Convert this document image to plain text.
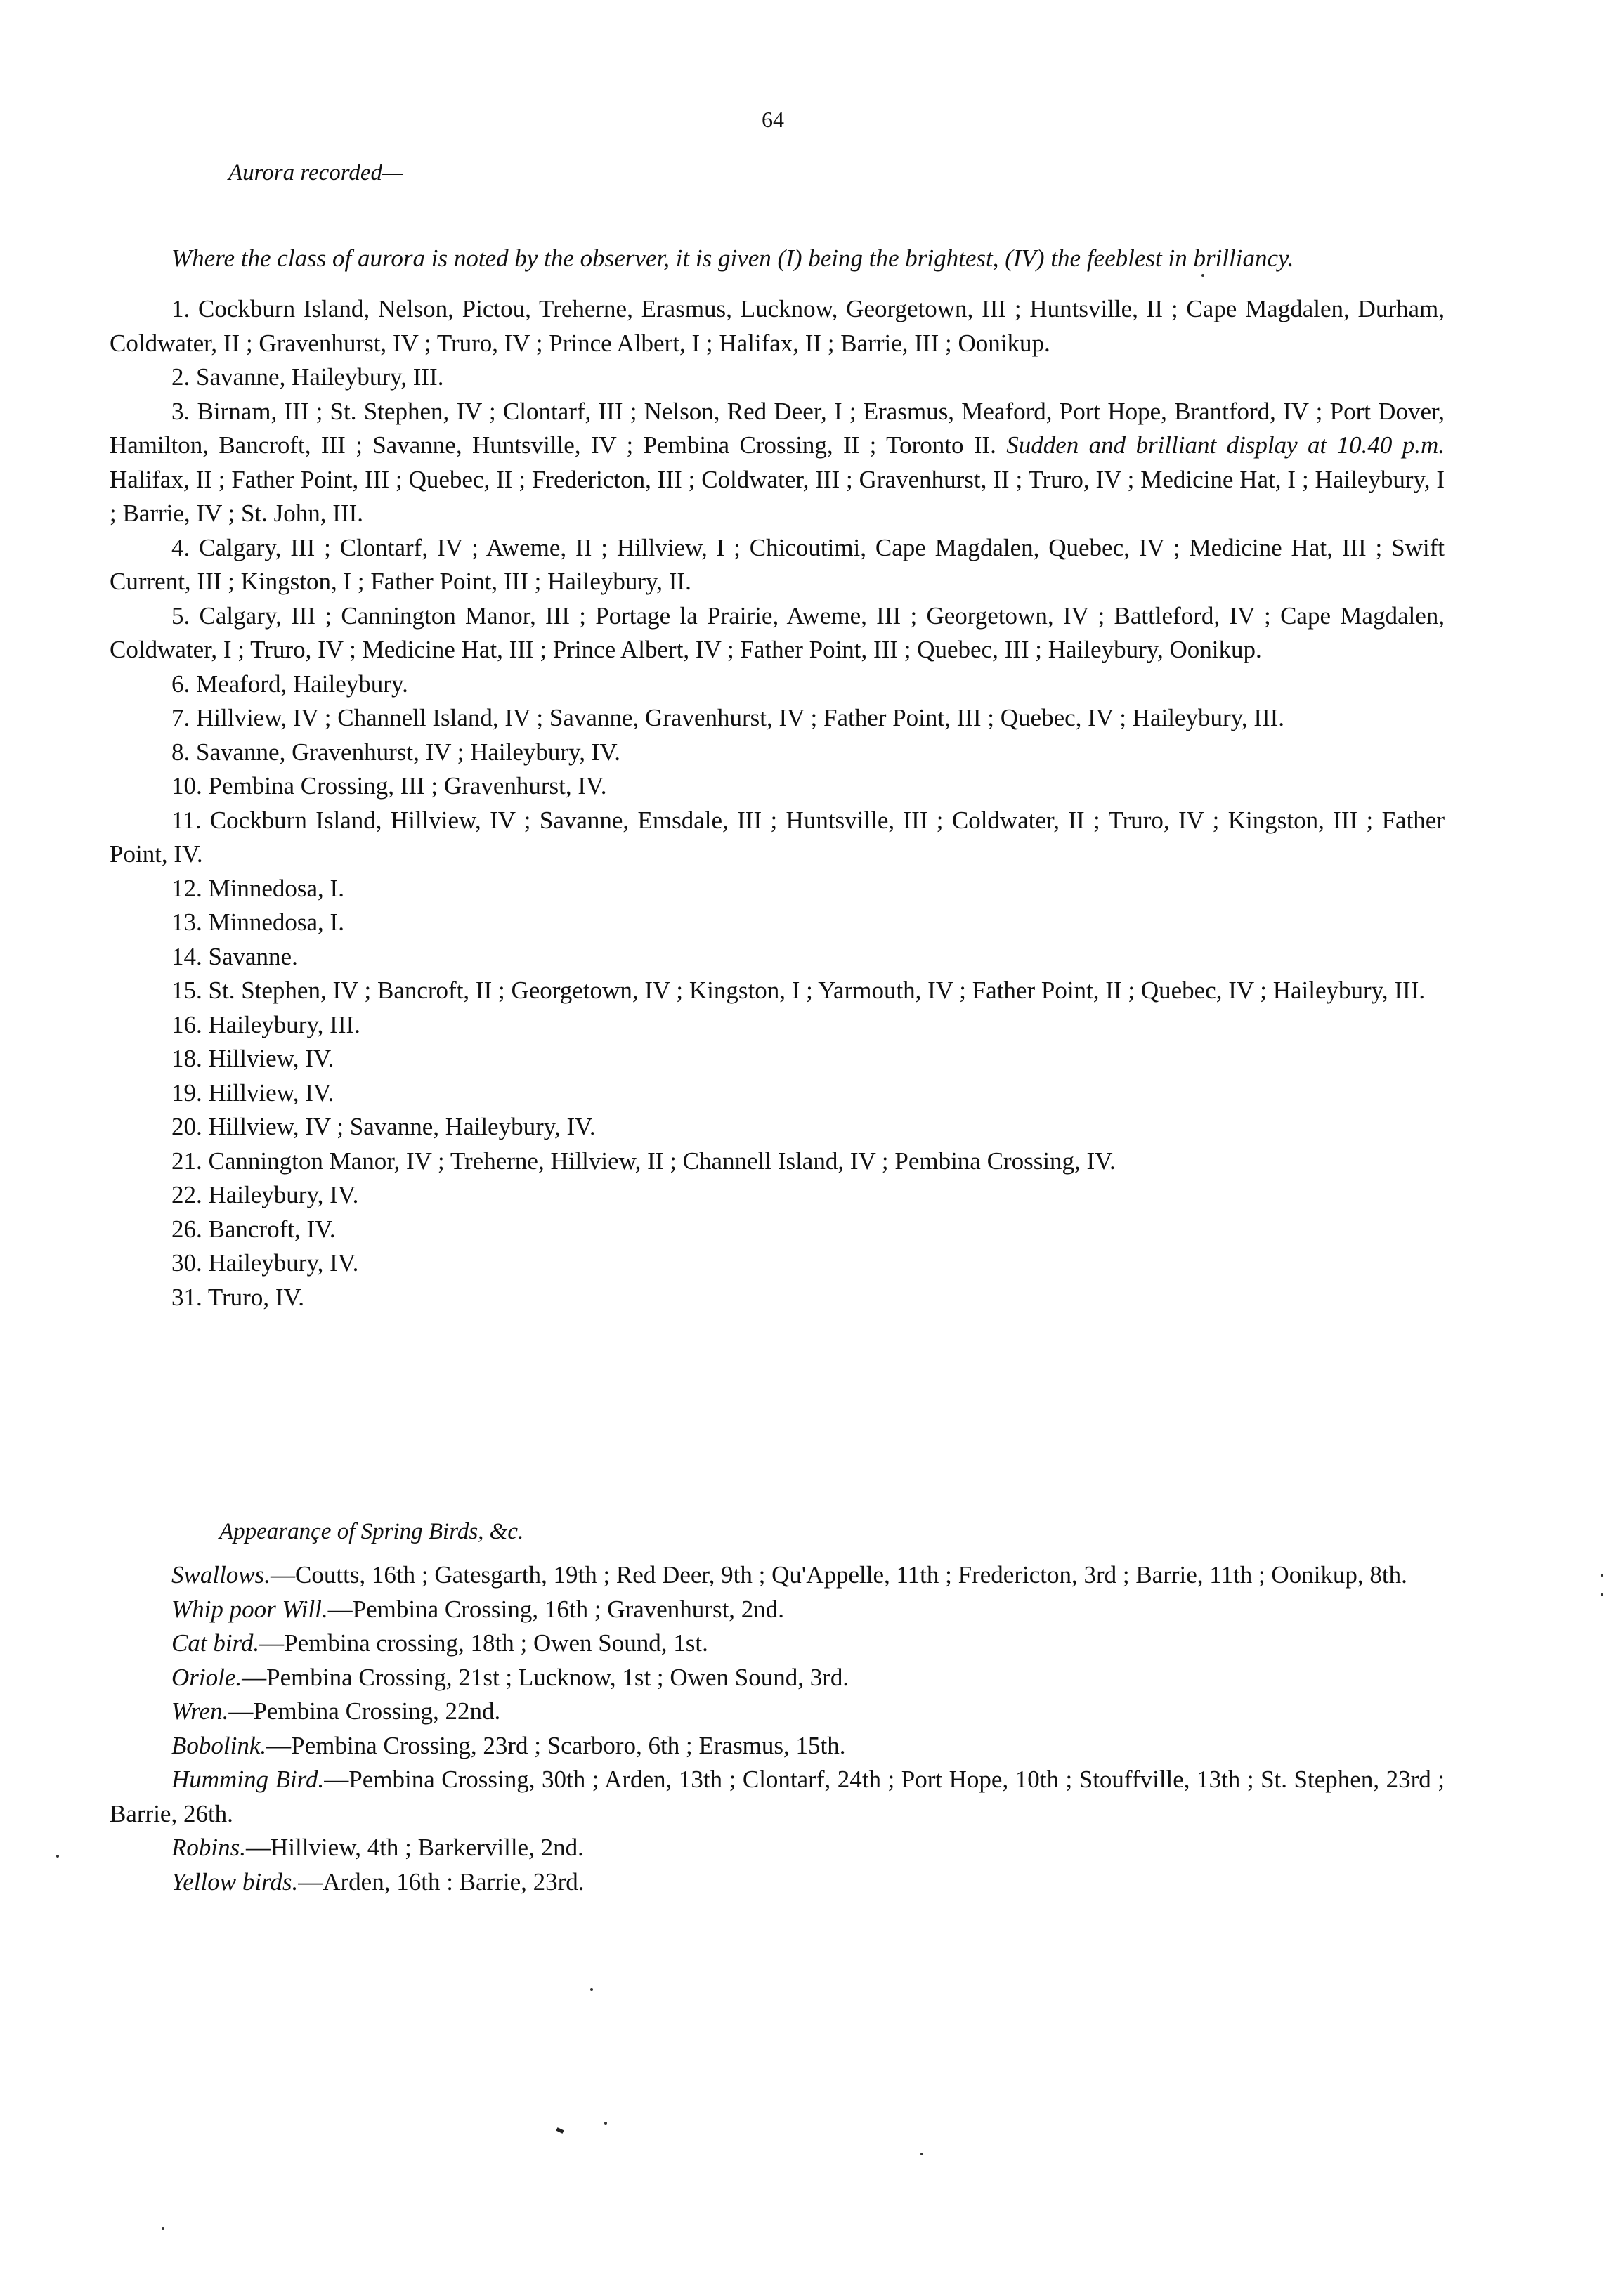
64
Aurora recorded—

Where the class of aurora is noted by the observer, it is given (I) being the brightest, (IV) the feeblest in brilliancy.

1. Cockburn Island, Nelson, Pictou, Treherne, Erasmus, Lucknow, Georgetown, III ; Huntsville, II ; Cape Magdalen, Durham, Coldwater, II ; Gravenhurst, IV ; Truro, IV ; Prince Albert, I ; Halifax, II ; Barrie, III ; Oonikup.

2. Savanne, Haileybury, III.

3. Birnam, III ; St. Stephen, IV ; Clontarf, III ; Nelson, Red Deer, I ; Erasmus, Meaford, Port Hope, Brantford, IV ; Port Dover, Hamilton, Bancroft, III ; Savanne, Huntsville, IV ; Pembina Crossing, II ; Toronto II. Sudden and brilliant display at 10.40 p.m. Halifax, II ; Father Point, III ; Quebec, II ; Fredericton, III ; Coldwater, III ; Gravenhurst, II ; Truro, IV ; Medicine Hat, I ; Haileybury, I ; Barrie, IV ; St. John, III.

4. Calgary, III ; Clontarf, IV ; Aweme, II ; Hillview, I ; Chicoutimi, Cape Magdalen, Quebec, IV ; Medicine Hat, III ; Swift Current, III ; Kingston, I ; Father Point, III ; Haileybury, II.

5. Calgary, III ; Cannington Manor, III ; Portage la Prairie, Aweme, III ; Georgetown, IV ; Battleford, IV ; Cape Magdalen, Coldwater, I ; Truro, IV ; Medicine Hat, III ; Prince Albert, IV ; Father Point, III ; Quebec, III ; Haileybury, Oonikup.

6. Meaford, Haileybury.

7. Hillview, IV ; Channell Island, IV ; Savanne, Gravenhurst, IV ; Father Point, III ; Quebec, IV ; Haileybury, III.

8. Savanne, Gravenhurst, IV ; Haileybury, IV.

10. Pembina Crossing, III ; Gravenhurst, IV.

11. Cockburn Island, Hillview, IV ; Savanne, Emsdale, III ; Huntsville, III ; Coldwater, II ; Truro, IV ; Kingston, III ; Father Point, IV.

12. Minnedosa, I.

13. Minnedosa, I.

14. Savanne.

15. St. Stephen, IV ; Bancroft, II ; Georgetown, IV ; Kingston, I ; Yarmouth, IV ; Father Point, II ; Quebec, IV ; Haileybury, III.

16. Haileybury, III.

18. Hillview, IV.

19. Hillview, IV.

20. Hillview, IV ; Savanne, Haileybury, IV.

21. Cannington Manor, IV ; Treherne, Hillview, II ; Channell Island, IV ; Pembina Crossing, IV.

22. Haileybury, IV.

26. Bancroft, IV.

30. Haileybury, IV.

31. Truro, IV.

Appearançe of Spring Birds, &c.

Swallows.—Coutts, 16th ; Gatesgarth, 19th ; Red Deer, 9th ; Qu'Appelle, 11th ; Fredericton, 3rd ; Barrie, 11th ; Oonikup, 8th.

Whip poor Will.—Pembina Crossing, 16th ; Gravenhurst, 2nd.

Cat bird.—Pembina crossing, 18th ; Owen Sound, 1st.

Oriole.—Pembina Crossing, 21st ; Lucknow, 1st ; Owen Sound, 3rd.

Wren.—Pembina Crossing, 22nd.

Bobolink.—Pembina Crossing, 23rd ; Scarboro, 6th ; Erasmus, 15th.

Humming Bird.—Pembina Crossing, 30th ; Arden, 13th ; Clontarf, 24th ; Port Hope, 10th ; Stouffville, 13th ; St. Stephen, 23rd ; Barrie, 26th.

Robins.—Hillview, 4th ; Barkerville, 2nd.

Yellow birds.—Arden, 16th : Barrie, 23rd.
